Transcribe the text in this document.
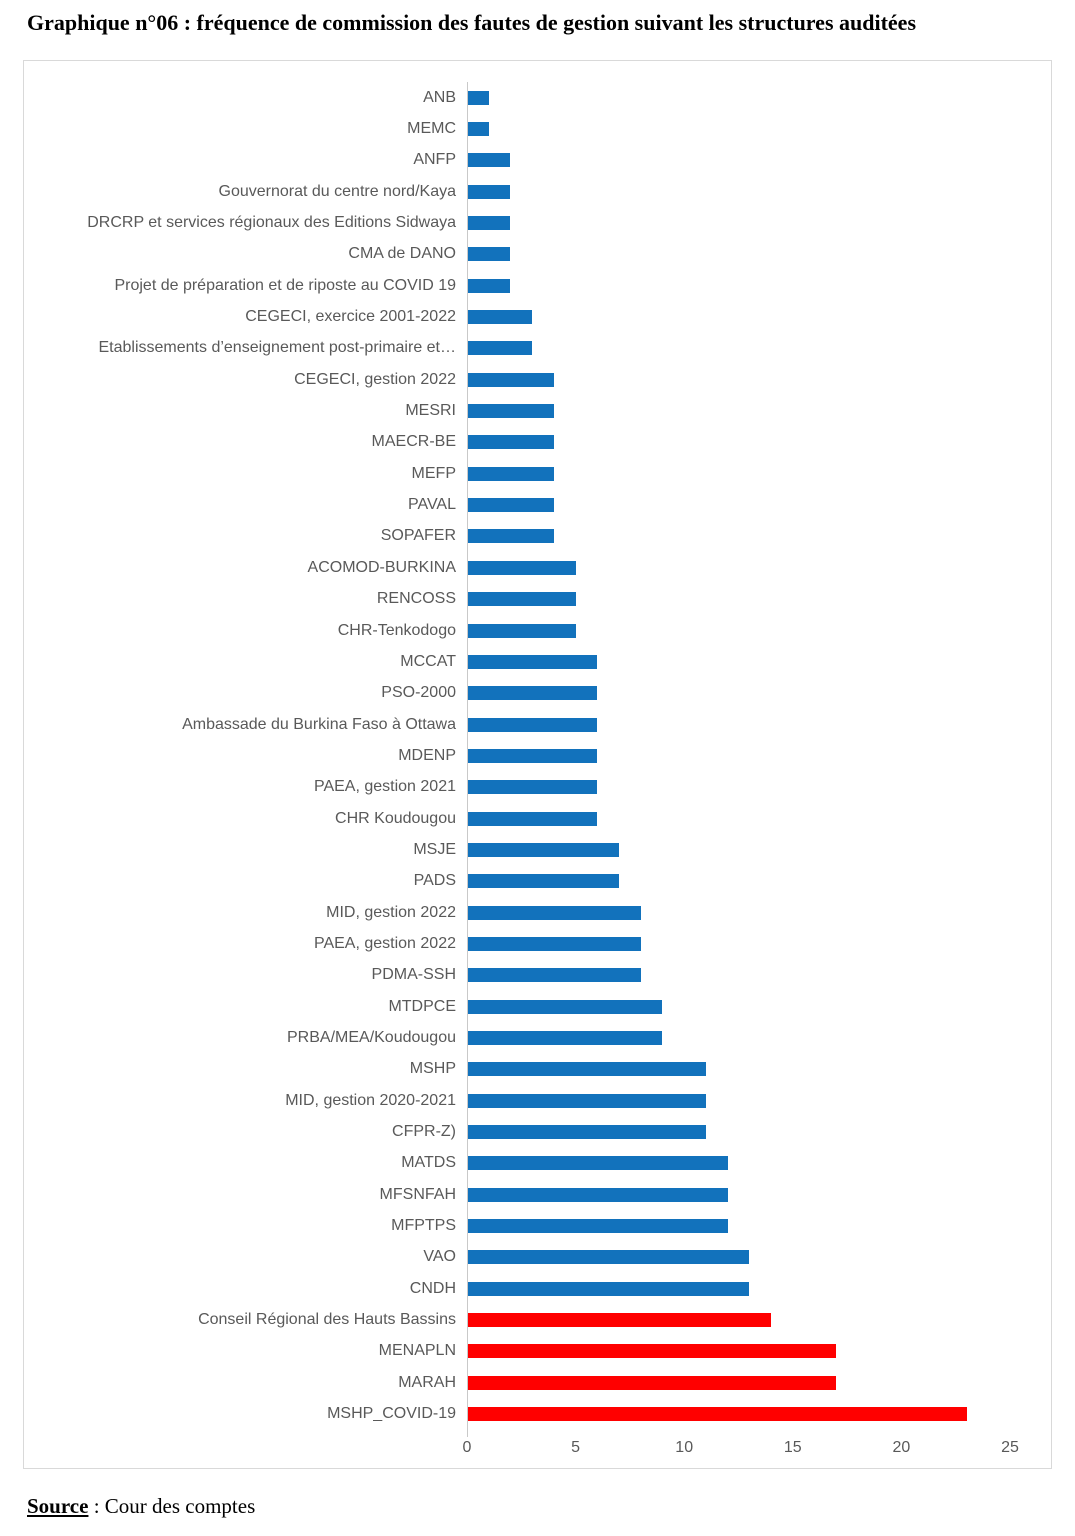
Graphique n°06 : fréquence de commission des fautes de gestion suivant les structures auditées
ANB
MEMC
ANFP
Gouvernorat du centre nord/Kaya
DRCRP et services régionaux des Editions Sidwaya
CMA de DANO
Projet de préparation et de riposte au COVID 19
CEGECI, exercice 2001-2022
Etablissements d’enseignement post-primaire et…
CEGECI, gestion 2022
MESRI
MAECR-BE
MEFP
PAVAL
SOPAFER
ACOMOD-BURKINA
RENCOSS
CHR-Tenkodogo
MCCAT
PSO-2000
Ambassade du Burkina Faso à Ottawa
MDENP
PAEA, gestion 2021
CHR Koudougou
MSJE
PADS
MID, gestion 2022
PAEA, gestion 2022
PDMA-SSH
MTDPCE
PRBA/MEA/Koudougou
MSHP
MID, gestion 2020-2021
CFPR-Z)
MATDS
MFSNFAH
MFPTPS
VAO
CNDH
Conseil Régional des Hauts Bassins
MENAPLN
MARAH
MSHP_COVID-19
0	5	10	15	20	25
Source : Cour des comptes
